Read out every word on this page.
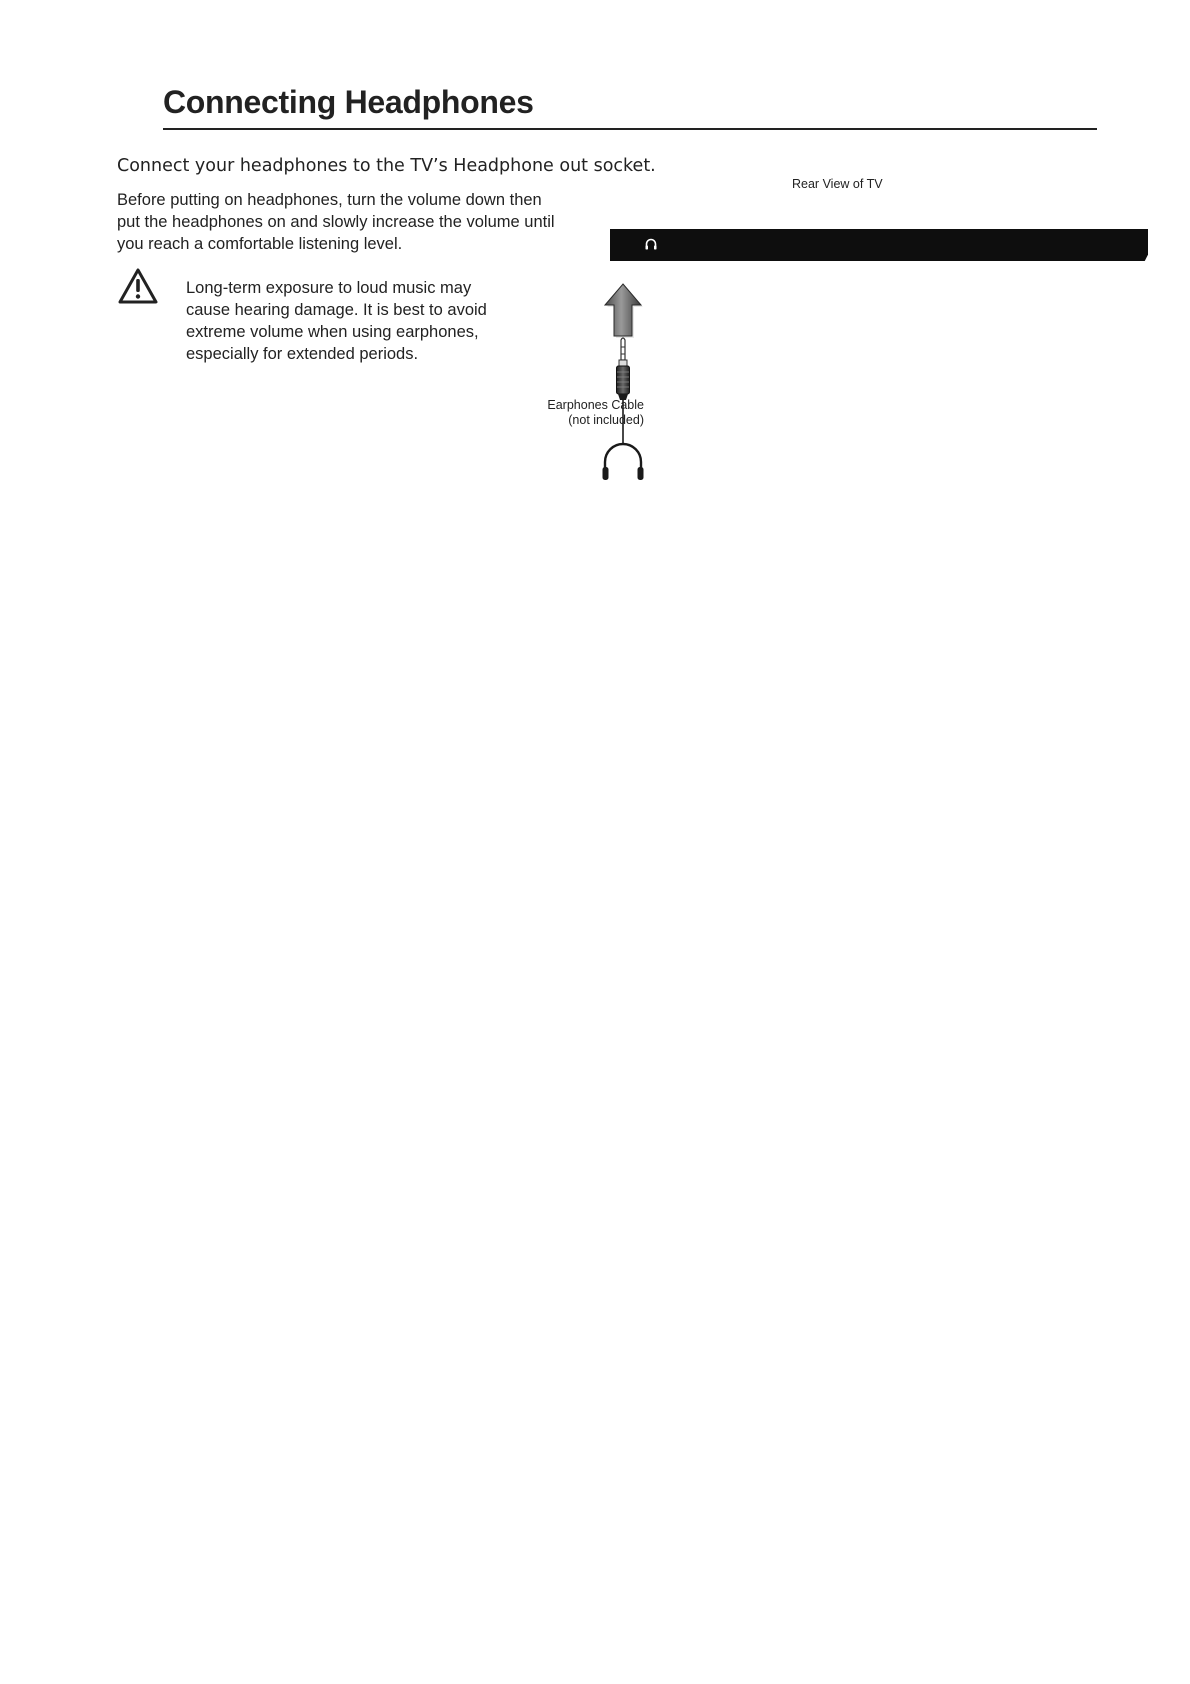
Connecting Headphones

Connect your headphones to the TV’s Headphone out socket.

Before putting on headphones, turn the volume down then put the headphones on and slowly increase the volume until you reach a comfortable listening level.

Long-term exposure to loud music may cause hearing damage. It is best to avoid extreme volume when using earphones, especially for extended periods.

Rear View of TV
Earphones Cable
(not included)
